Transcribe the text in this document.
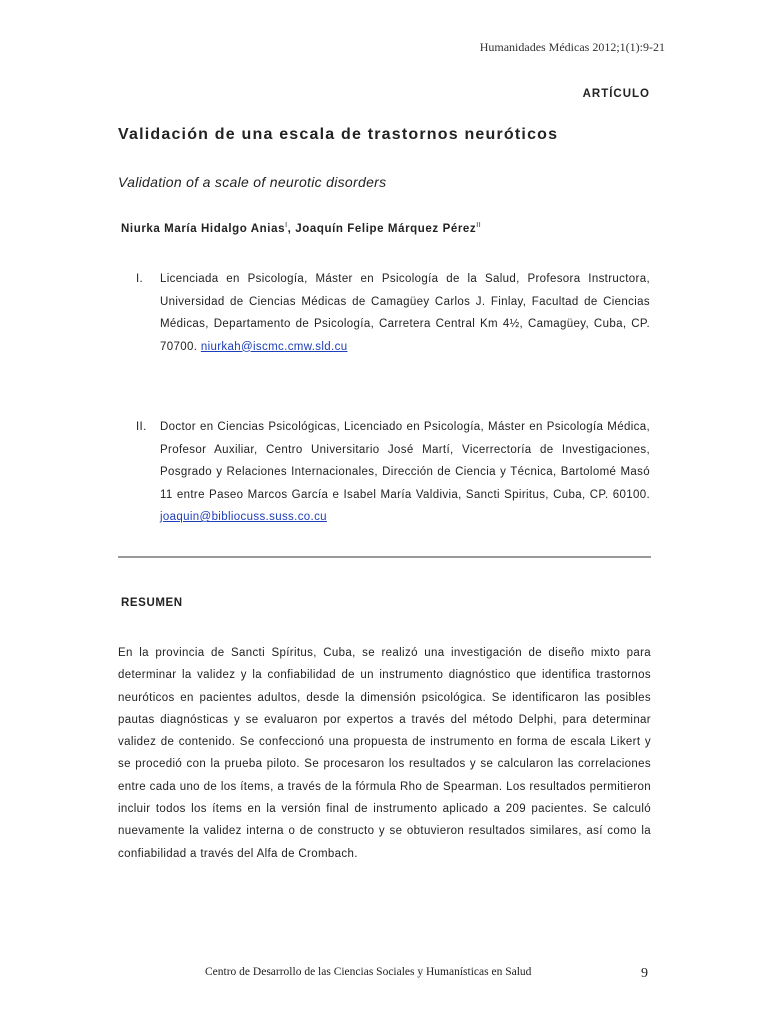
Humanidades Médicas 2012;1(1):9-21
ARTÍCULO
Validación de una escala de trastornos neuróticos
Validation of a scale of neurotic disorders
Niurka María Hidalgo Anias$^I$, Joaquín Felipe Márquez Pérez$^{II}$
I. Licenciada en Psicología, Máster en Psicología de la Salud, Profesora Instructora, Universidad de Ciencias Médicas de Camagüey Carlos J. Finlay, Facultad de Ciencias Médicas, Departamento de Psicología, Carretera Central Km 4½, Camagüey, Cuba, CP. 70700. niurkah@iscmc.cmw.sld.cu
II. Doctor en Ciencias Psicológicas, Licenciado en Psicología, Máster en Psicología Médica, Profesor Auxiliar, Centro Universitario José Martí, Vicerrectoría de Investigaciones, Posgrado y Relaciones Internacionales, Dirección de Ciencia y Técnica, Bartolomé Masó 11 entre Paseo Marcos García e Isabel María Valdivia, Sancti Spiritus, Cuba, CP. 60100. joaquin@bibliocuss.suss.co.cu
RESUMEN

En la provincia de Sancti Spíritus, Cuba, se realizó una investigación de diseño mixto para determinar la validez y la confiabilidad de un instrumento diagnóstico que identifica trastornos neuróticos en pacientes adultos, desde la dimensión psicológica. Se identificaron las posibles pautas diagnósticas y se evaluaron por expertos a través del método Delphi, para determinar validez de contenido. Se confeccionó una propuesta de instrumento en forma de escala Likert y se procedió con la prueba piloto. Se procesaron los resultados y se calcularon las correlaciones entre cada uno de los ítems, a través de la fórmula Rho de Spearman. Los resultados permitieron incluir todos los ítems en la versión final de instrumento aplicado a 209 pacientes. Se calculó nuevamente la validez interna o de constructo y se obtuvieron resultados similares, así como la confiabilidad a través del Alfa de Crombach.

Centro de Desarrollo de las Ciencias Sociales y Humanísticas en Salud	9
